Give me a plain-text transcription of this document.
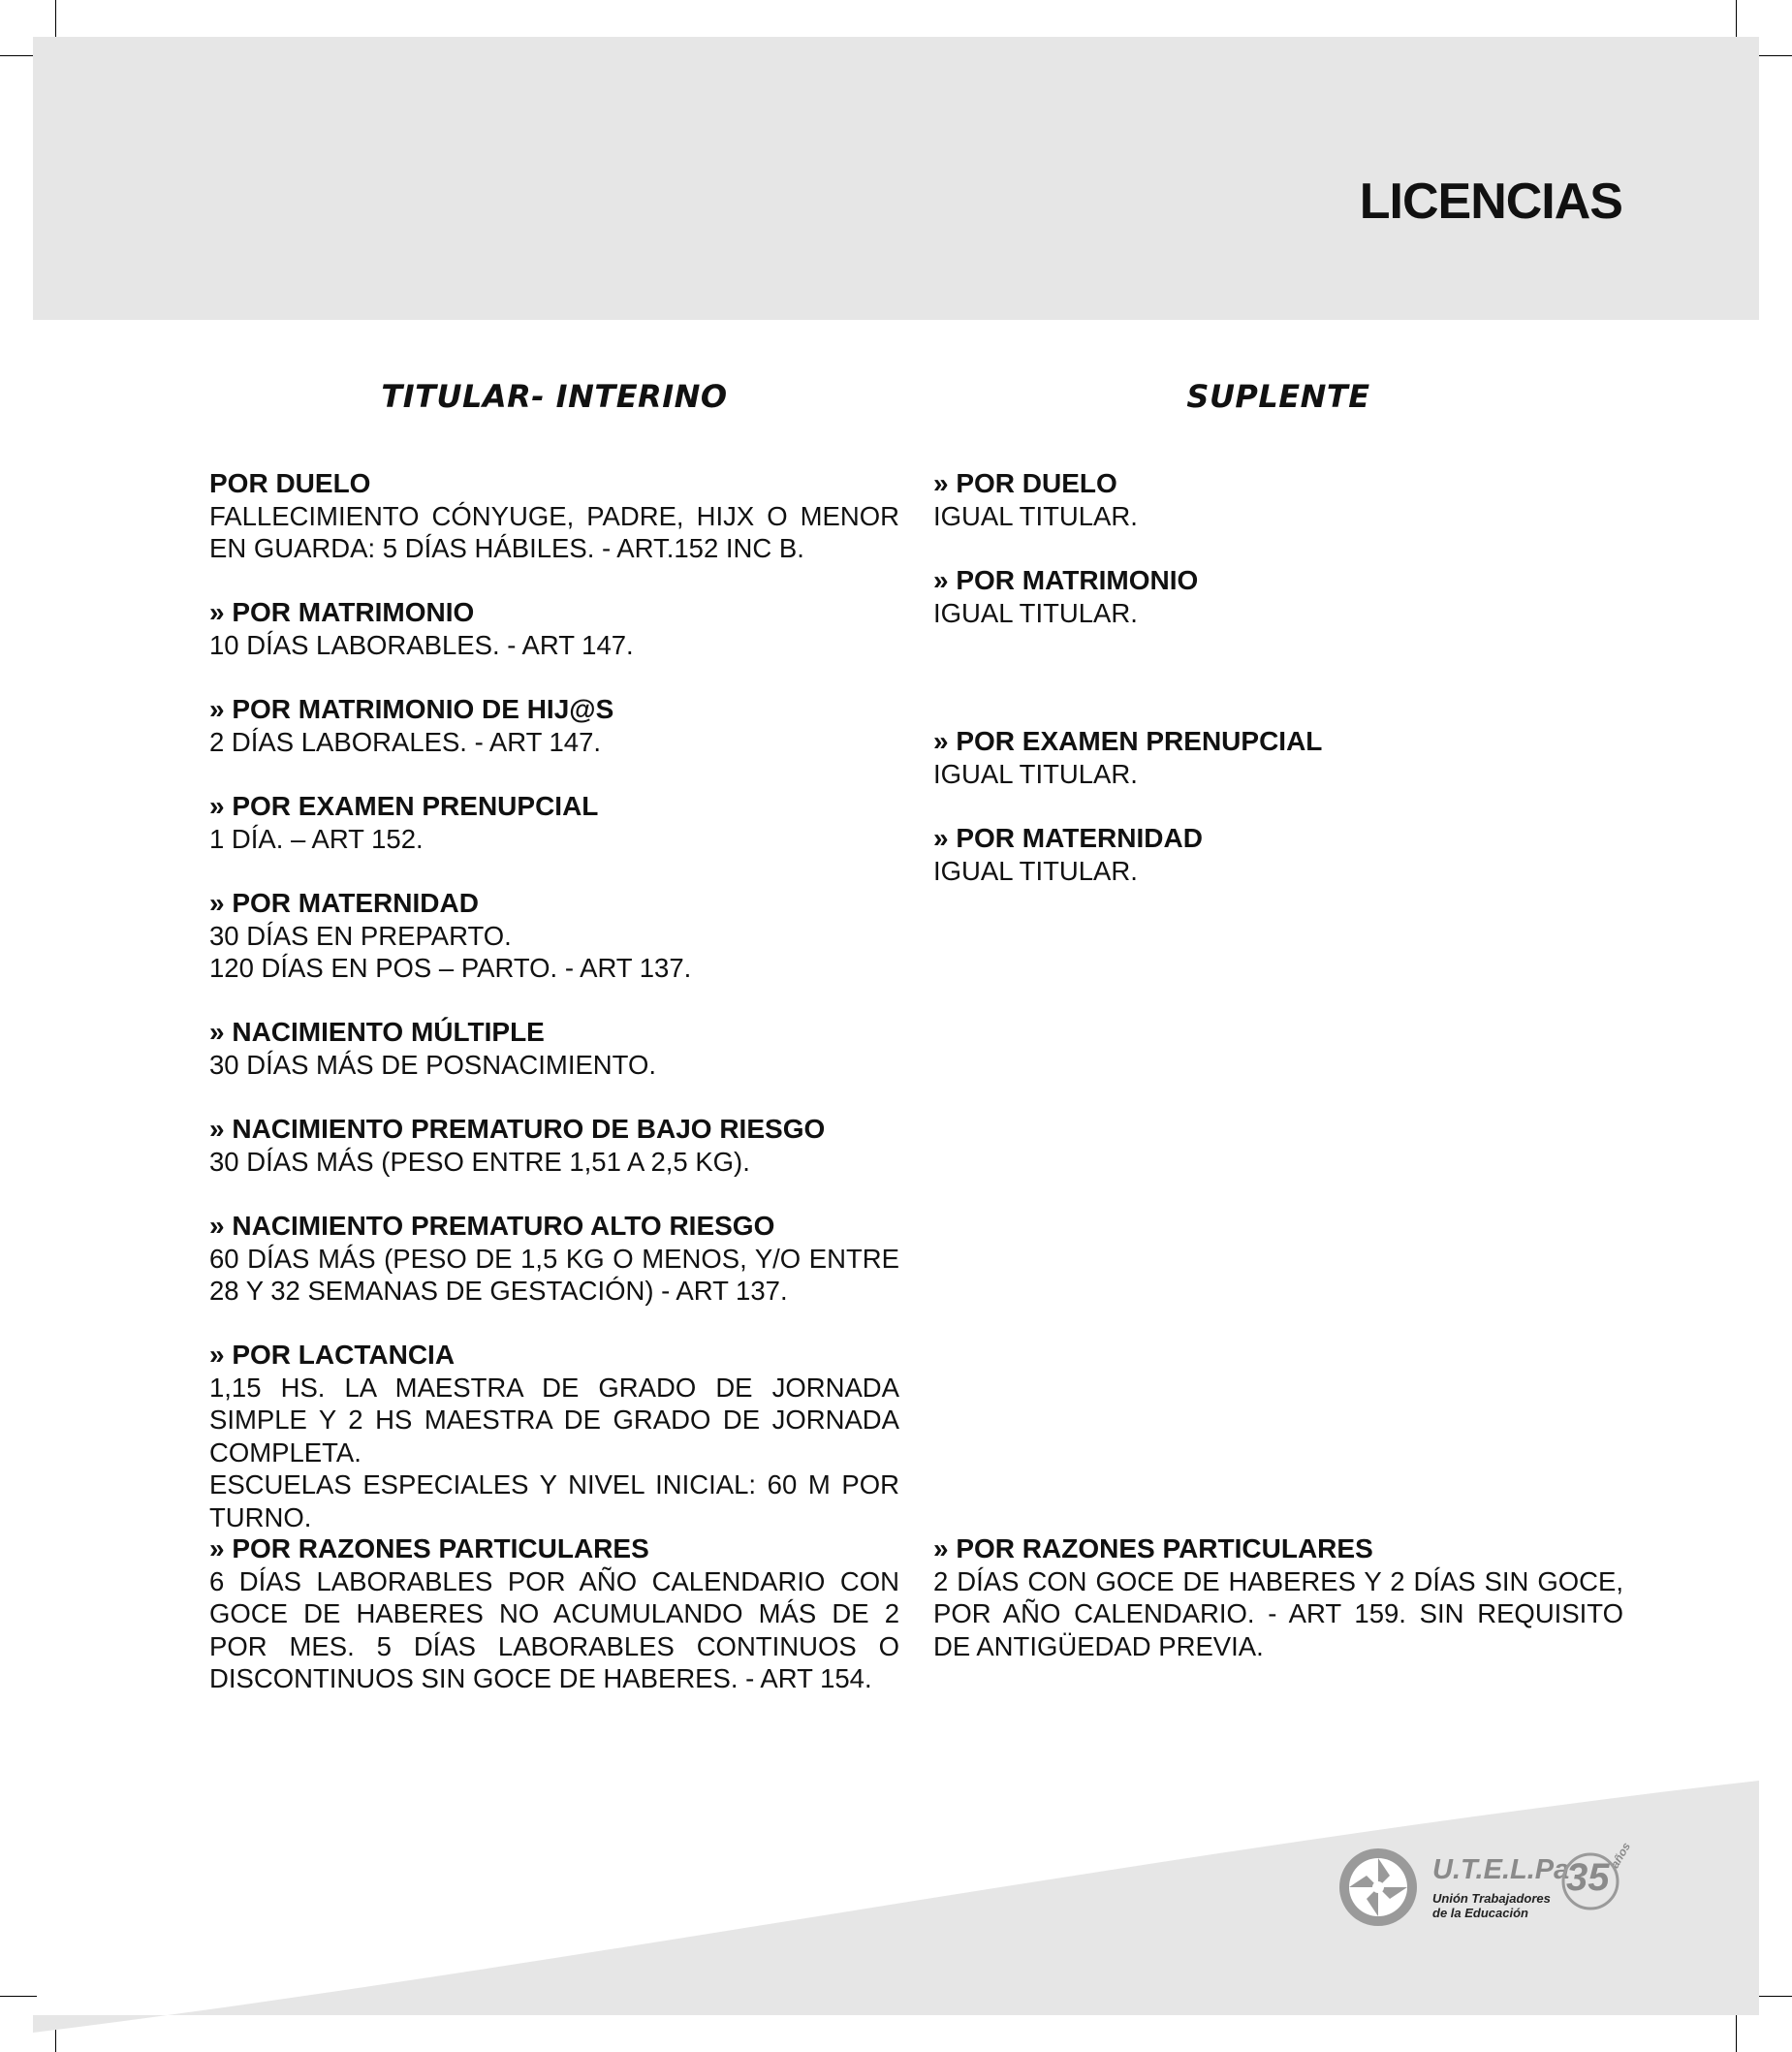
LICENCIAS
TITULAR- INTERINO	SUPLENTE
POR DUELO
FALLECIMIENTO CÓNYUGE, PADRE, HIJX O MENOR EN GUARDA: 5 DÍAS HÁBILES. - ART.152 INC B.
» POR MATRIMONIO
10 DÍAS LABORABLES. - ART 147.
» POR MATRIMONIO DE HIJ@S
2 DÍAS LABORALES. - ART 147.
» POR EXAMEN PRENUPCIAL
1 DÍA. – ART 152.
» POR MATERNIDAD
30 DÍAS EN PREPARTO.
120 DÍAS EN POS – PARTO. - ART 137.
» NACIMIENTO MÚLTIPLE
30 DÍAS MÁS DE POSNACIMIENTO.
» NACIMIENTO PREMATURO DE BAJO RIESGO
30 DÍAS MÁS (PESO ENTRE 1,51 A 2,5 KG).
» NACIMIENTO PREMATURO ALTO RIESGO
60 DÍAS MÁS (PESO DE 1,5 KG O MENOS, Y/O ENTRE 28 Y 32 SEMANAS DE GESTACIÓN) - ART 137.
» POR LACTANCIA
1,15 HS. LA MAESTRA DE GRADO DE JORNADA SIMPLE Y 2 HS MAESTRA DE GRADO DE JORNADA COMPLETA.
ESCUELAS ESPECIALES Y NIVEL INICIAL: 60 M POR TURNO.
» POR RAZONES PARTICULARES
6 DÍAS LABORABLES POR AÑO CALENDARIO CON GOCE DE HABERES NO ACUMULANDO MÁS DE 2 POR MES. 5 DÍAS LABORABLES CONTINUOS O DISCONTINUOS SIN GOCE DE HABERES. - ART 154.
» POR DUELO
IGUAL TITULAR.
» POR MATRIMONIO
IGUAL TITULAR.
» POR EXAMEN PRENUPCIAL
IGUAL TITULAR.
» POR MATERNIDAD
IGUAL TITULAR.
» POR RAZONES PARTICULARES
2 DÍAS CON GOCE DE HABERES Y 2 DÍAS SIN GOCE, POR AÑO CALENDARIO. - ART 159. SIN REQUISITO DE ANTIGÜEDAD PREVIA.
U.T.E.L.Pa
Unión Trabajadores de la Educación
35
años
